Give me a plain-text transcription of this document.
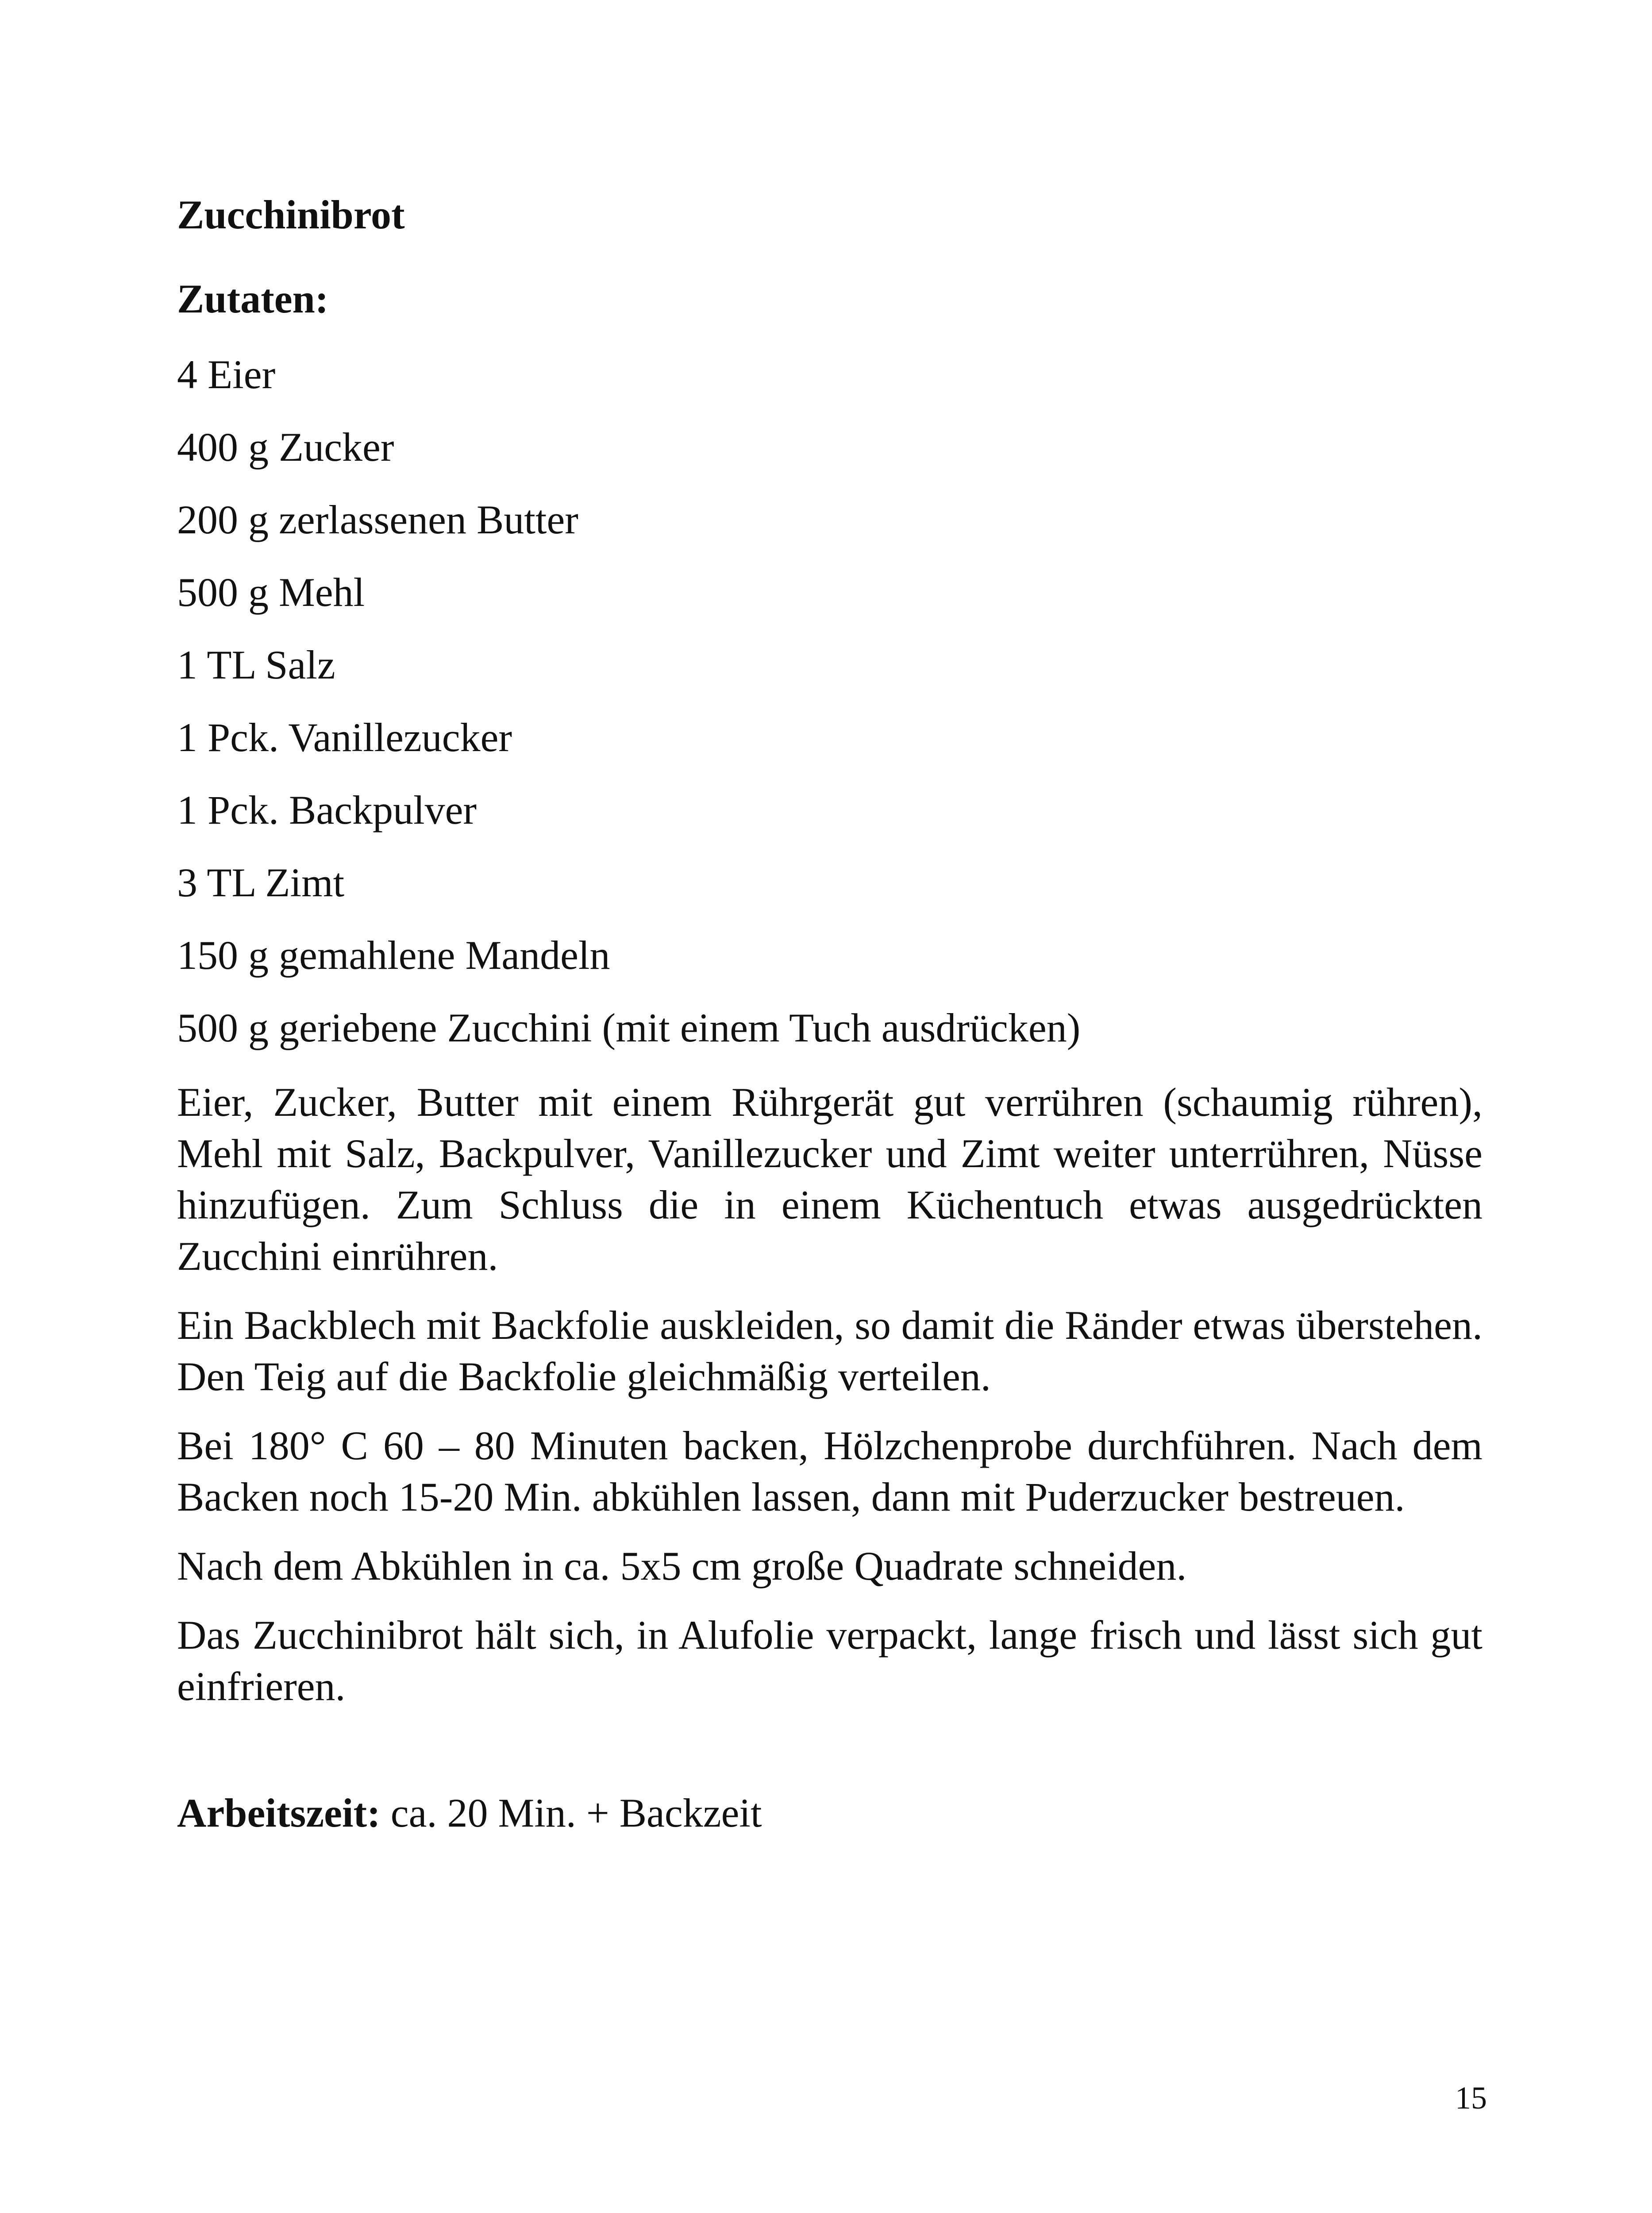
Zucchinibrot
Zutaten:
4 Eier
400 g Zucker
200 g zerlassenen Butter
500 g Mehl
1 TL Salz
1 Pck. Vanillezucker
1 Pck. Backpulver
3 TL Zimt
150 g gemahlene Mandeln
500 g geriebene Zucchini (mit einem Tuch ausdrücken)

Eier, Zucker, Butter mit einem Rührgerät gut verrühren (schaumig rühren), Mehl mit Salz, Backpulver, Vanillezucker und Zimt weiter unterrühren, Nüsse hinzufügen. Zum Schluss die in einem Küchentuch etwas ausgedrückten Zucchini einrühren.

Ein Backblech mit Backfolie auskleiden, so damit die Ränder etwas überstehen. Den Teig auf die Backfolie gleichmäßig verteilen.

Bei 180° C 60 – 80 Minuten backen, Hölzchenprobe durchführen. Nach dem Backen noch 15-20 Min. abkühlen lassen, dann mit Puderzucker bestreuen.

Nach dem Abkühlen in ca. 5x5 cm große Quadrate schneiden.

Das Zucchinibrot hält sich, in Alufolie verpackt, lange frisch und lässt sich gut einfrieren.

Arbeitszeit: ca. 20 Min. + Backzeit
15
